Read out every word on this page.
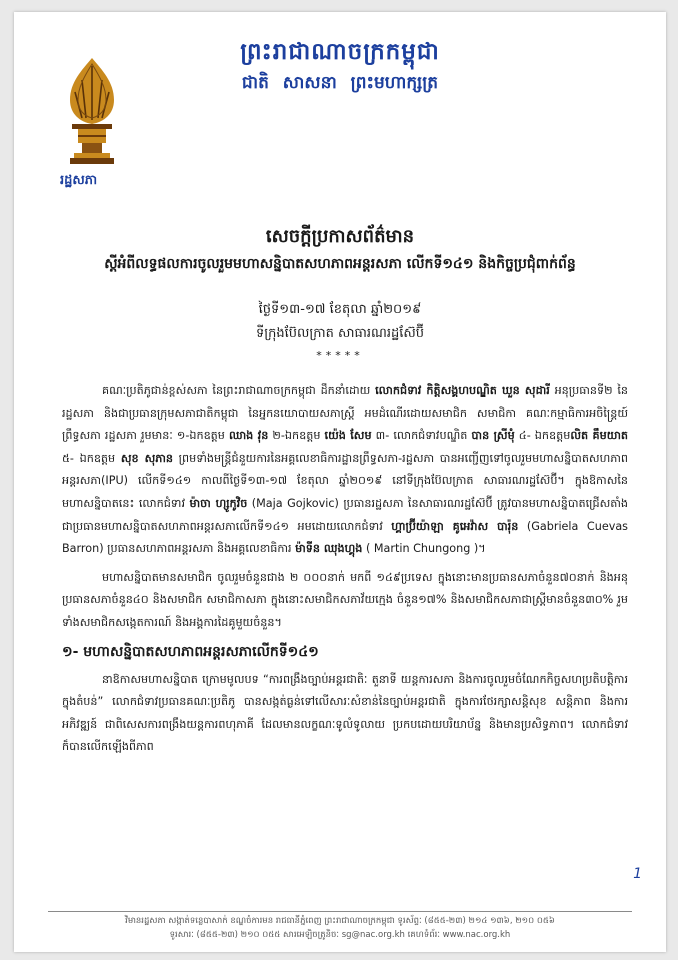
ព្រះរាជាណាចក្រកម្ពុជា
ជាតិ សាសនា ព្រះមហាក្សត្រ
រដ្ឋសភា
សេចក្តីប្រកាសព័ត៌មាន
ស្តីអំពីលទ្ធផលការចូលរួមមហាសន្និបាតសហភាពអន្តរសភា លើកទី១៤១ និងកិច្ចប្រជុំពាក់ព័ន្ធ
ថ្ងៃទី១៣-១៧ ខែតុលា ឆ្នាំ២០១៩
ទីក្រុងប៊ែលក្រាត សាធារណរដ្ឋស៊ែប៊ី
*****

គណៈប្រតិភូជាន់ខ្ពស់សភា នៃព្រះរាជាណាចក្រកម្ពុជា ដឹកនាំដោយ លោកជំទាវ កិត្តិសង្គហបណ្ឌិត ឃួន សុដារី អនុប្រធានទី២ នៃរដ្ឋសភា និងជាប្រធានក្រុមសភាជាតិកម្ពុជា នៃអ្នកនយោបាយសភាស្ត្រី អមដំណើរដោយសមាជិក សមាជិកា គណៈកម្មាធិការអចិន្ត្រៃយ៍ព្រឹទ្ធសភា រដ្ឋសភា រួមមានៈ ១-ឯកឧត្តម ឈាង វុន ២-ឯកឧត្តម យ៉េង សែម ៣- លោកជំទាវបណ្ឌិត បាន ស្រីមុំ ៤- ឯកឧត្តមលិត គឹមយាត ៥- ឯកឧត្តម សុខ សុភាន ព្រមទាំងមន្ត្រីជំនួយការនៃអគ្គលេខាធិការដ្ឋានព្រឹទ្ធសភា-រដ្ឋសភា បានអញ្ជើញទៅចូលរួមមហាសន្និបាតសហភាពអន្តរសភា(IPU) លើកទី១៤១ កាលពីថ្ងៃទី១៣-១៧ ខែតុលា ឆ្នាំ២០១៩ នៅទីក្រុងប៊ែលក្រាត សាធារណរដ្ឋស៊ែប៊ី។ ក្នុងឱកាសនៃមហាសន្និបាតនេះ លោកជំទាវ ម៉ាចា ហ្សូកូវិច (Maja Gojkovic) ប្រធានរដ្ឋសភា នៃសាធារណរដ្ឋស៊ែប៊ី ត្រូវបានមហាសន្និបាតជ្រើសតាំង ជាប្រធានមហាសន្និបាតសហភាពអន្តរសភាលើកទី១៤១ អមដោយលោកជំទាវ ហ្គាប្រ៊ីយ៉ាឡា គូអេវ៉ាស បារ៉ុន (Gabriela Cuevas Barron) ប្រធានសហភាពអន្តរសភា និងអគ្គលេខាធិការ ម៉ាទីន ឈុងហ្គុង ( Martin Chungong )។

មហាសន្និបាតមានសមាជិក ចូលរួមចំនួនជាង ២ ០០០នាក់ មកពី ១៤៩ប្រទេស ក្នុងនោះមានប្រធានសភាចំនួន៧០នាក់ និងអនុប្រធានសភាចំនួន៤០ និងសមាជិក សមាជិកាសភា ក្នុងនោះសមាជិកសភាវ័យក្មេង ចំនួន១៧% និងសមាជិកសភាជាស្ត្រីមានចំនួន៣០% រួមទាំងសមាជិកសង្កេតការណ៍ និងអង្គការដៃគូមួយចំនួន។

១- មហាសន្និបាតសហភាពអន្តរសភាលើកទី១៤១

នាឱកាសមហាសន្និបាត ក្រោមមូលបទ “ការពង្រឹងច្បាប់អន្តរជាតិៈ តួនាទី យន្តការសភា និងការចូលរួមចំណែកកិច្ចសហប្រតិបត្តិការក្នុងតំបន់” លោកជំទាវប្រធានគណៈប្រតិភូ បានសង្កត់ធ្ងន់ទៅលើសារៈសំខាន់នៃច្បាប់អន្តរជាតិ ក្នុងការថែរក្សាសន្តិសុខ សន្តិភាព និងការអភិវឌ្ឍន៍ ជាពិសេសការពង្រឹងយន្តការពហុភាគី ដែលមានលក្ខណៈទូលំទូលាយ ប្រកបដោយបរិយាប័ន្ន និងមានប្រសិទ្ធភាព។ លោកជំទាវក៏បានលើកឡើងពីភាព

1
វិមានរដ្ឋសភា សង្កាត់ទន្លេបាសាក់ ខណ្ឌចំការមន រាជធានីភ្នំពេញ ព្រះរាជាណាចក្រកម្ពុជា ទូរស័ព្ទៈ (៨៥៥-២៣) ២១៤ ១៣៦, ២១០ ០៥៦
ទូរសារៈ (៨៥៥-២៣) ២១០ ០៥៥ សារអេឡិចត្រូនិចៈ sg@nac.org.kh គេហទំព័រៈ www.nac.org.kh
